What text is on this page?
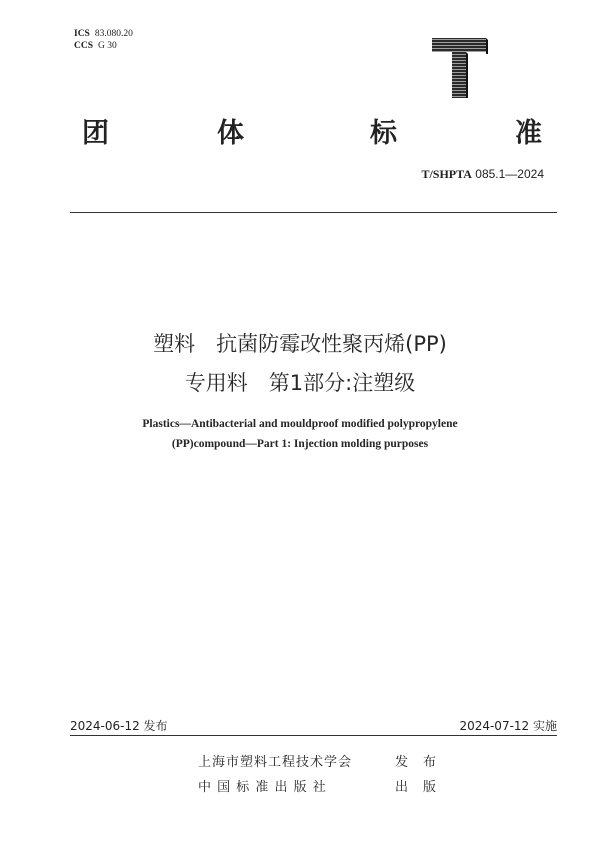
ICS 83.080.20
CCS G 30
团	体	标	准
T/SHPTA 085.1—2024
塑料　抗菌防霉改性聚丙烯(PP)
专用料　第1部分:注塑级
Plastics—Antibacterial and mouldproof modified polypropylene
(PP)compound—Part 1: Injection molding purposes
2024-06-12 发布	2024-07-12 实施
上海市塑料工程技术学会	发　布
中 国 标 准 出 版 社	出　版
